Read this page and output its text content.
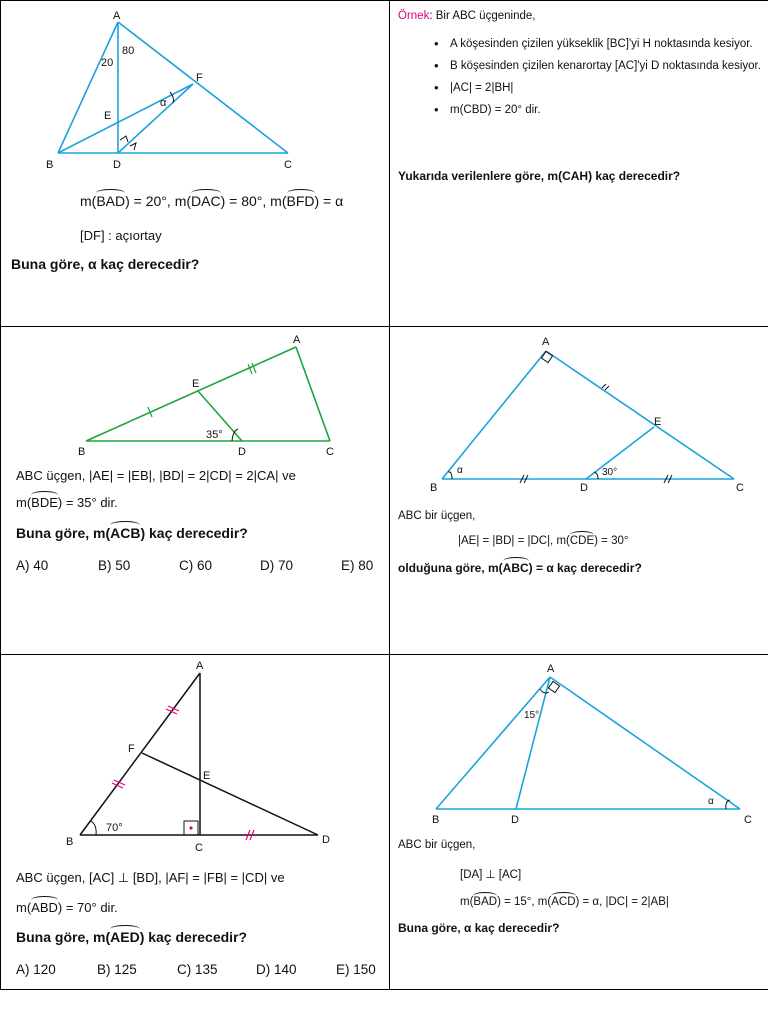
A
B	C
D
E
F
80
20
α
m(BAD) = 20°, m(DAC) = 80°, m(BFD) = α
[DF] : açıortay
Buna göre, α kaç derecedir?
Örnek: Bir ABC üçgeninde,
• A köşesinden çizilen yükseklik [BC]'yi H noktasında kesiyor.
• B köşesinden çizilen kenarortay [AC]'yi D noktasında kesiyor.
• |AC| = 2|BH|
• m(CBD) = 20° dir.
Yukarıda verilenlere göre, m(CAH) kaç derecedir?
A
B	C
D
E
35°
ABC üçgen, |AE| = |EB|, |BD| = 2|CD| = 2|CA| ve
m(BDE) = 35° dir.
Buna göre, m(ACB) kaç derecedir?
A) 40	B) 50	C) 60	D) 70	E) 80
A
B	C
D
E
α	30°
ABC bir üçgen,
|AE| = |BD| = |DC|, m(CDE) = 30°
olduğuna göre, m(ABC) = α kaç derecedir?
A
B	C
D
E
F
70°
ABC üçgen, [AC] ⊥ [BD], |AF| = |FB| = |CD| ve
m(ABD) = 70° dir.
Buna göre, m(AED) kaç derecedir?
A) 120	B) 125	C) 135	D) 140	E) 150
A
B	C
D
15°
α
ABC bir üçgen,
[DA] ⊥ [AC]
m(BAD) = 15°, m(ACD) = α, |DC| = 2|AB|
Buna göre, α kaç derecedir?
